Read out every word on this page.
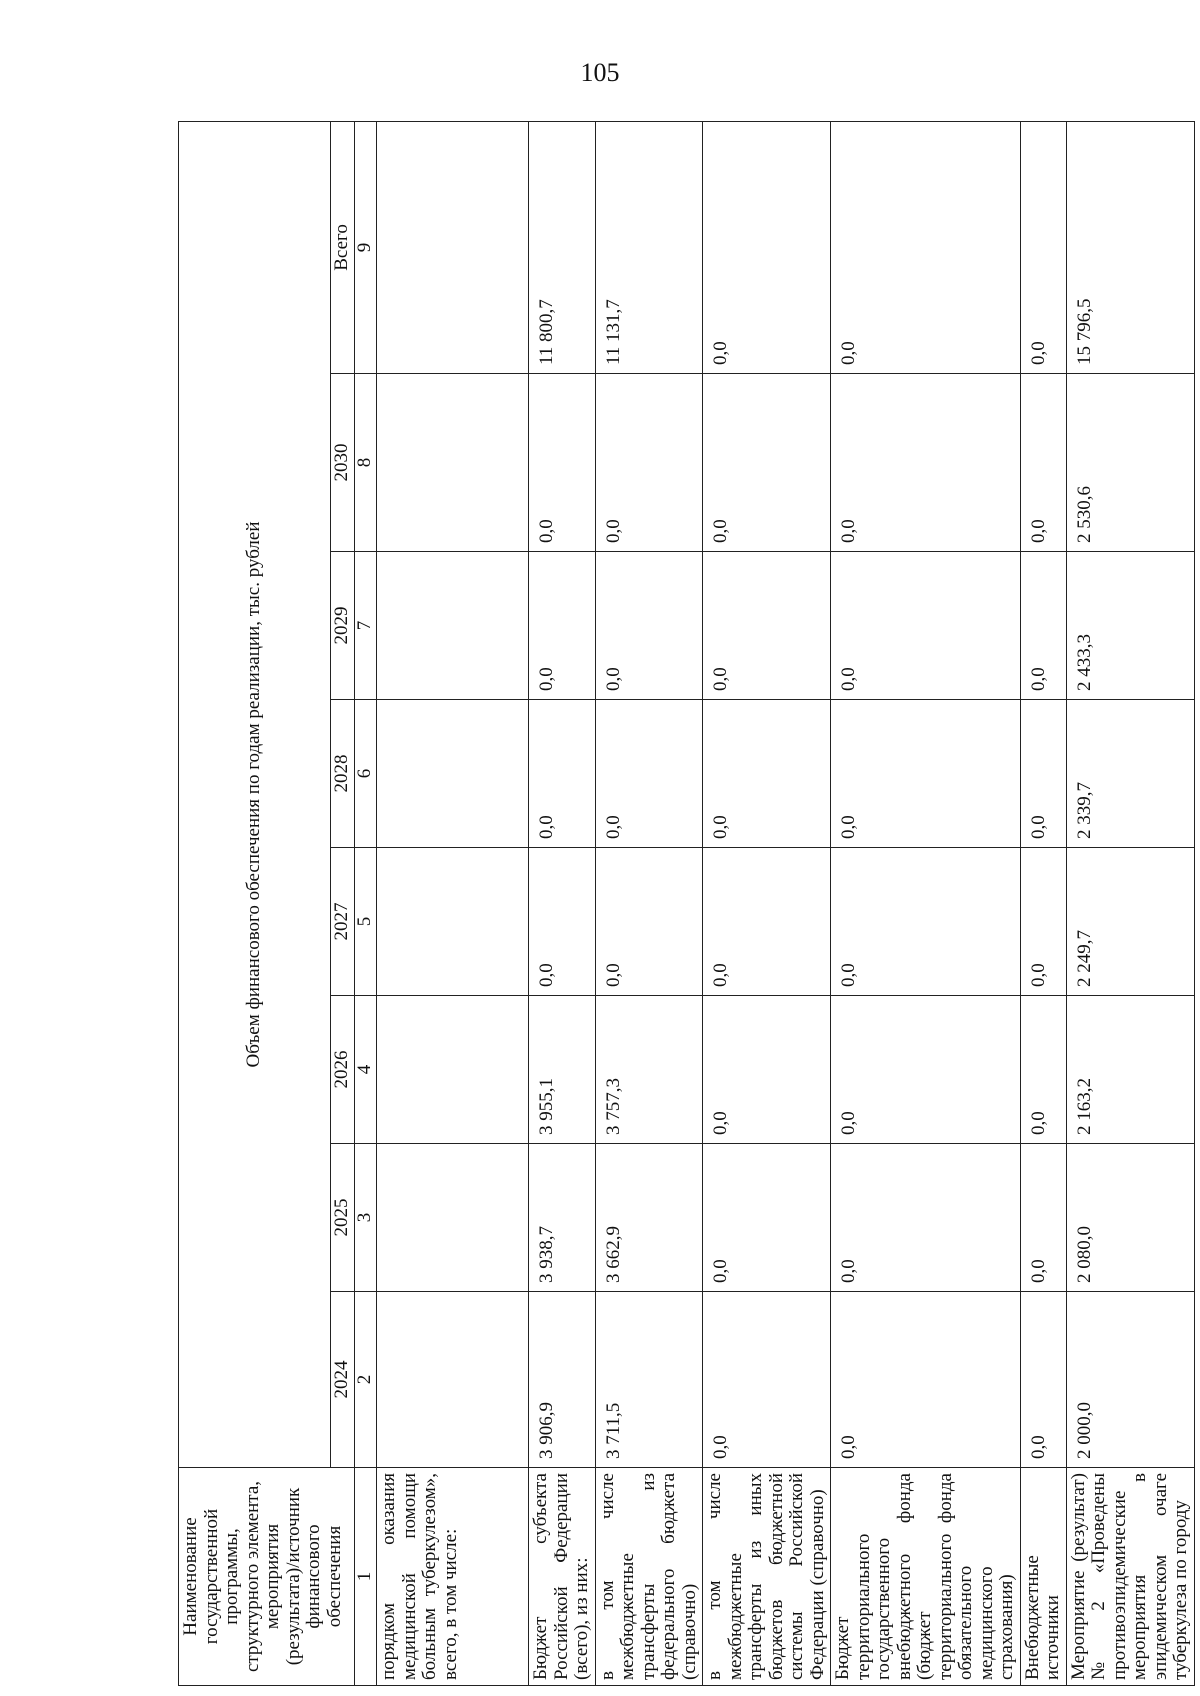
105
Наименование государственной программы, структурного элемента, мероприятия (результата)/источник финансового обеспечения	Объем финансового обеспечения по годам реализации, тыс. рублей							
	2024	2025	2026	2027	2028	2029	2030	Всего
1	2	3	4	5	6	7	8	9
порядком оказания медицинской помощи больным туберкулезом», всего, в том числе:								
Бюджет субъекта Российской Федерации (всего), из них:	3 906,9	3 938,7	3 955,1	0,0	0,0	0,0	0,0	11 800,7
в том числе межбюджетные трансферты из федерального бюджета (справочно)	3 711,5	3 662,9	3 757,3	0,0	0,0	0,0	0,0	11 131,7
в том числе межбюджетные трансферты из иных бюджетов бюджетной системы Российской Федерации (справочно)	0,0	0,0	0,0	0,0	0,0	0,0	0,0	0,0
Бюджет территориального государственного внебюджетного фонда (бюджет территориального фонда обязательного медицинского страхования)	0,0	0,0	0,0	0,0	0,0	0,0	0,0	0,0
Внебюджетные источники	0,0	0,0	0,0	0,0	0,0	0,0	0,0	0,0
Мероприятие (результат) № 2 «Проведены противоэпидемические мероприятия в эпидемическом очаге туберкулеза по городу	2 000,0	2 080,0	2 163,2	2 249,7	2 339,7	2 433,3	2 530,6	15 796,5
